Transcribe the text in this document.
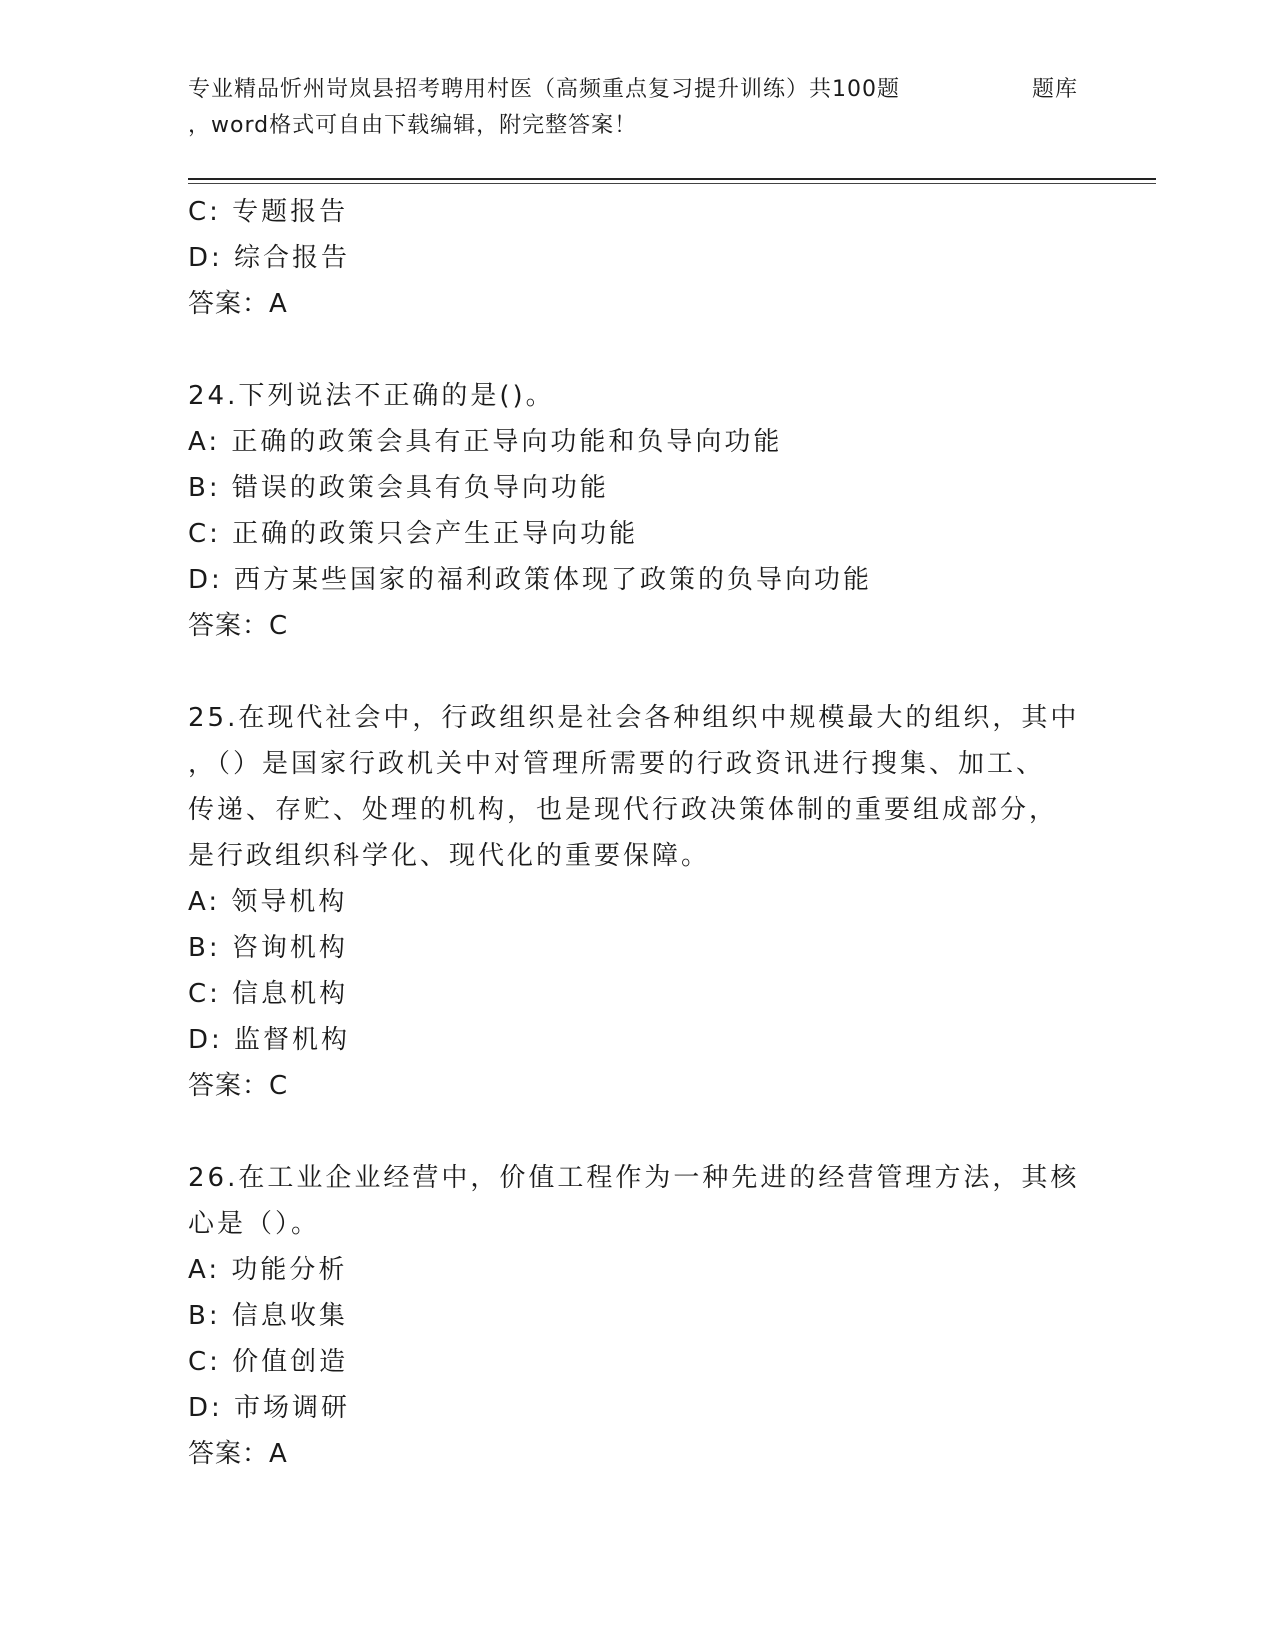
专业精品忻州岢岚县招考聘用村医（高频重点复习提升训练）共100题	题库
，word格式可自由下载编辑，附完整答案！
C: 专题报告
D: 综合报告
答案：A
24.下列说法不正确的是()。
A: 正确的政策会具有正导向功能和负导向功能
B: 错误的政策会具有负导向功能
C: 正确的政策只会产生正导向功能
D: 西方某些国家的福利政策体现了政策的负导向功能
答案：C
25.在现代社会中，行政组织是社会各种组织中规模最大的组织，其中
，（）是国家行政机关中对管理所需要的行政资讯进行搜集、加工、
传递、存贮、处理的机构，也是现代行政决策体制的重要组成部分，
是行政组织科学化、现代化的重要保障。
A: 领导机构
B: 咨询机构
C: 信息机构
D: 监督机构
答案：C
26.在工业企业经营中，价值工程作为一种先进的经营管理方法，其核
心是（）。
A: 功能分析
B: 信息收集
C: 价值创造
D: 市场调研
答案：A
